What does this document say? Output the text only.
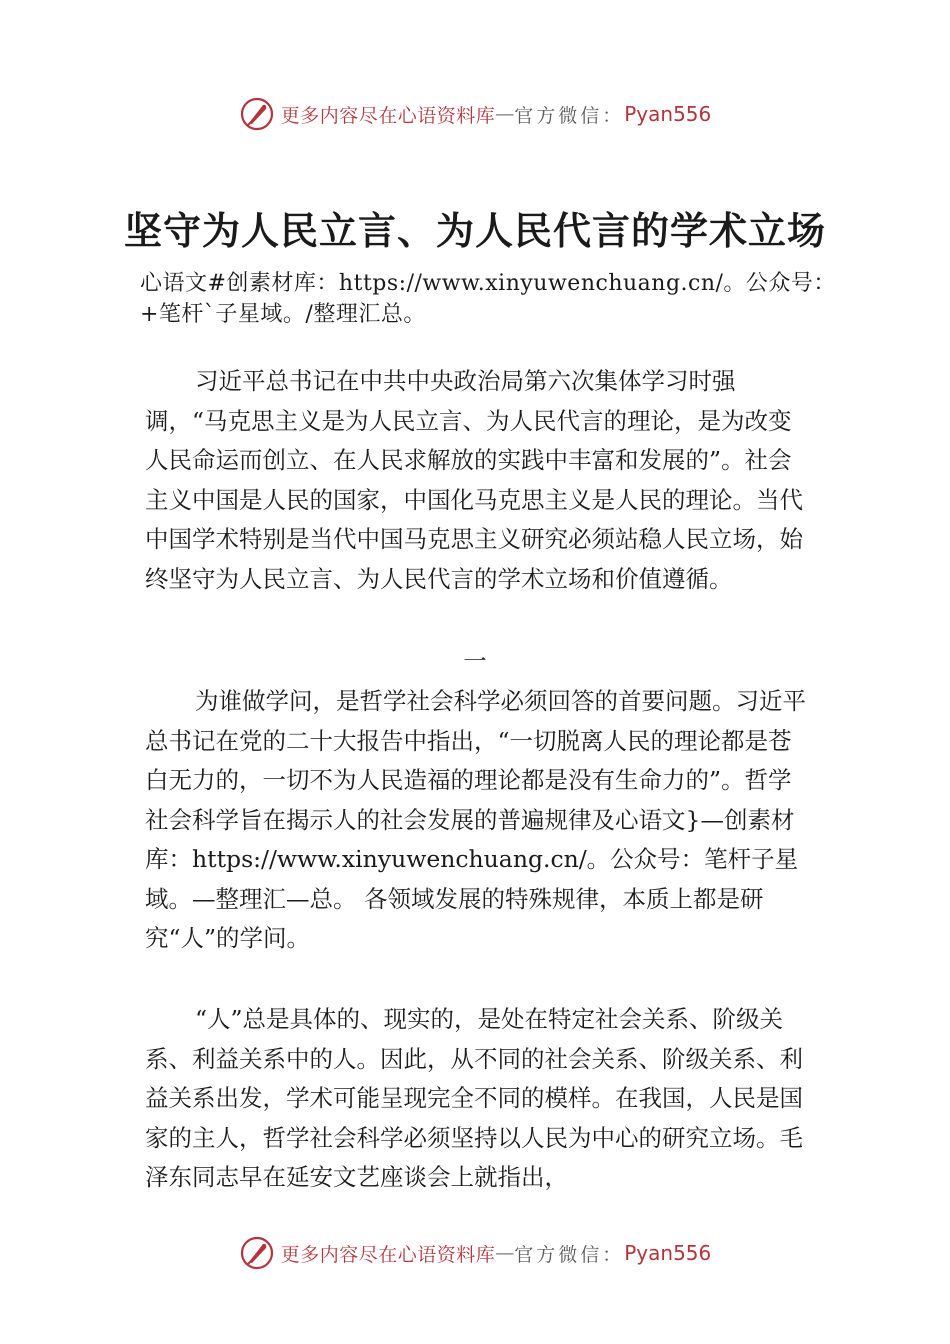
更多内容尽在心语资料库 — 官方微信： Pyan556
坚守为人民立言、为人民代言的学术立场

心语文#创素材库：https://www.xinyuwenchuang.cn/。公众号：+笔杆`子星域。/整理汇总。

习近平总书记在中共中央政治局第六次集体学习时强调，“马克思主义是为人民立言、为人民代言的理论，是为改变人民命运而创立、在人民求解放的实践中丰富和发展的”。社会主义中国是人民的国家，中国化马克思主义是人民的理论。当代中国学术特别是当代中国马克思主义研究必须站稳人民立场，始终坚守为人民立言、为人民代言的学术立场和价值遵循。

一

为谁做学问，是哲学社会科学必须回答的首要问题。习近平总书记在党的二十大报告中指出，“一切脱离人民的理论都是苍白无力的，一切不为人民造福的理论都是没有生命力的”。哲学社会科学旨在揭示人的社会发展的普遍规律及心语文}—创素材库：https://www.xinyuwenchuang.cn/。公众号：笔杆子星域。—整理汇—总。 各领域发展的特殊规律，本质上都是研究“人”的学问。

“人”总是具体的、现实的，是处在特定社会关系、阶级关系、利益关系中的人。因此，从不同的社会关系、阶级关系、利益关系出发，学术可能呈现完全不同的模样。在我国，人民是国家的主人，哲学社会科学必须坚持以人民为中心的研究立场。毛泽东同志早在延安文艺座谈会上就指出，

更多内容尽在心语资料库 — 官方微信： Pyan556
